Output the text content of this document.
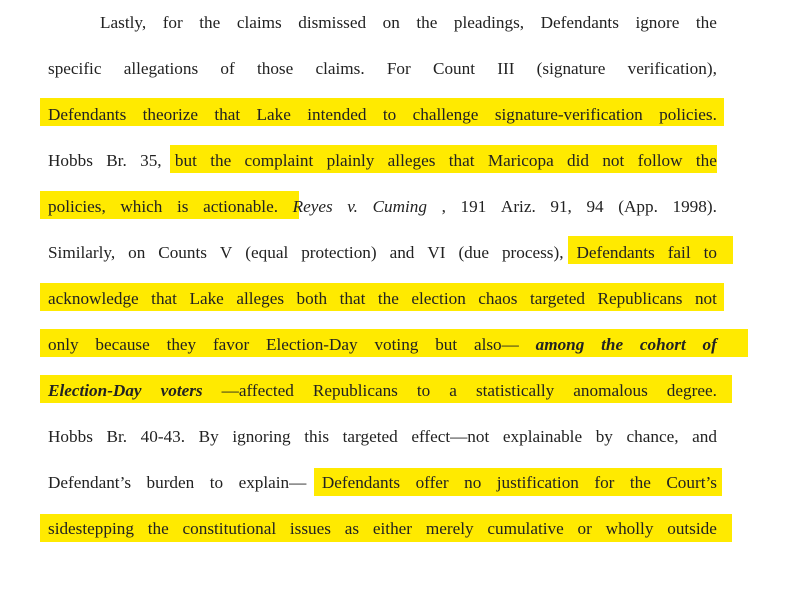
Lastly, for the claims dismissed on the pleadings, Defendants ignore the
specific allegations of those claims. For Count III (signature verification),
Defendants theorize that Lake intended to challenge signature-verification policies.
Hobbs Br. 35, but the complaint plainly alleges that Maricopa did not follow the
policies, which is actionable. Reyes v. Cuming , 191 Ariz. 91, 94 (App. 1998).
Similarly, on Counts V (equal protection) and VI (due process), Defendants fail to
acknowledge that Lake alleges both that the election chaos targeted Republicans not
only because they favor Election-Day voting but also— among the cohort of
Election-Day voters —affected Republicans to a statistically anomalous degree.
Hobbs Br. 40-43. By ignoring this targeted effect—not explainable by chance, and
Defendant’s burden to explain— Defendants offer no justification for the Court’s
sidestepping the constitutional issues as either merely cumulative or wholly outside
